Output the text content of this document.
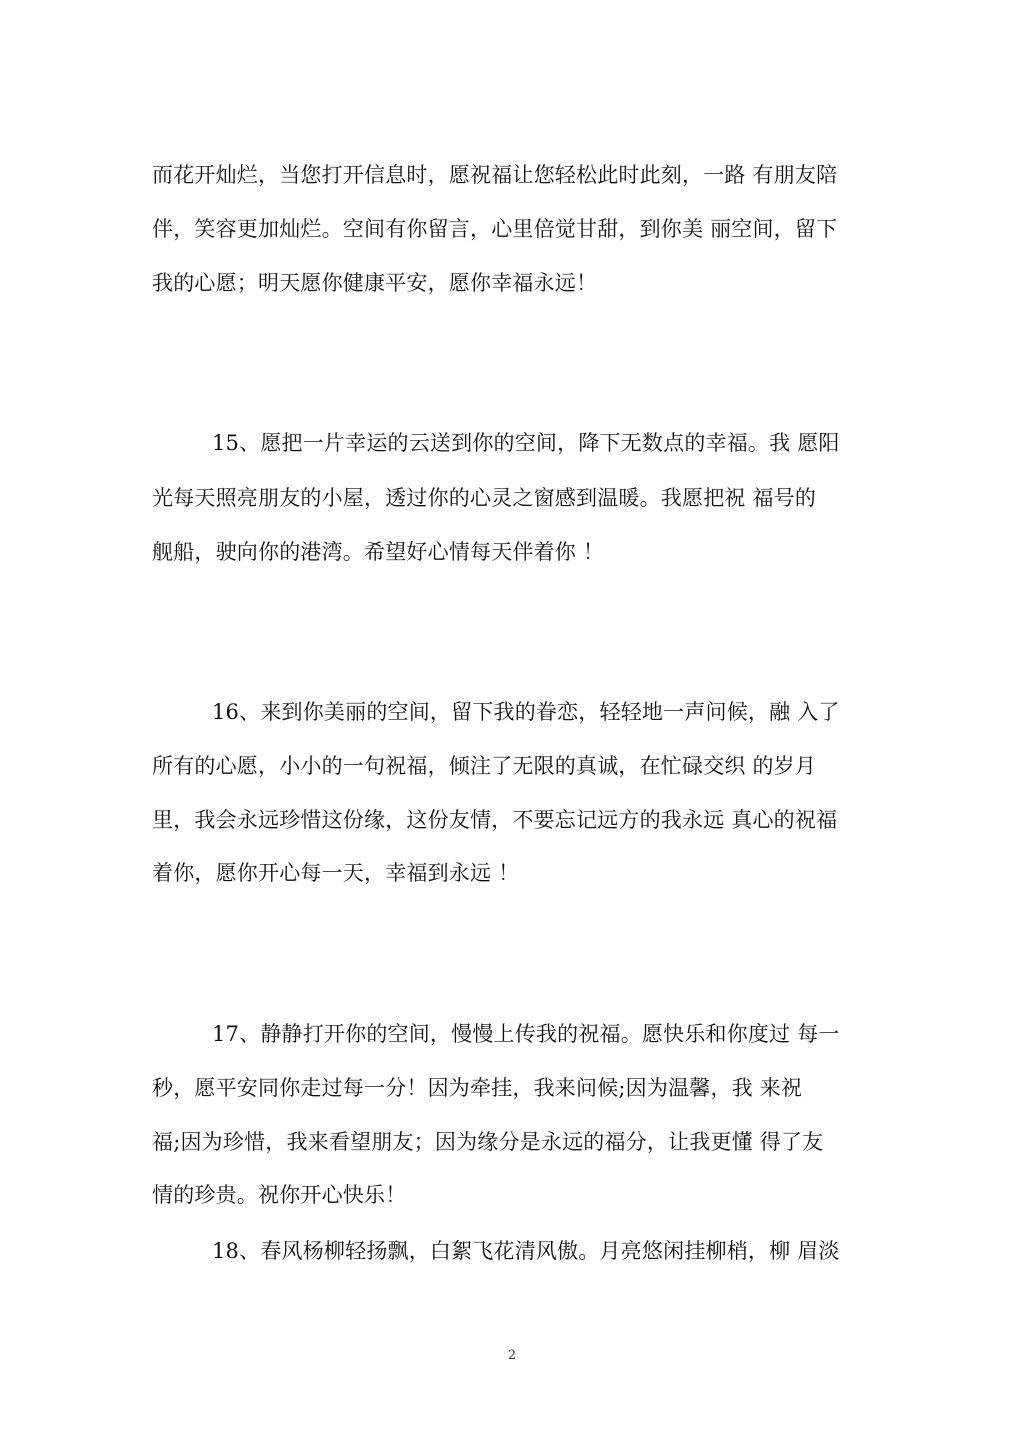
而花开灿烂，当您打开信息时，愿祝福让您轻松此时此刻，一路 有朋友陪
伴，笑容更加灿烂。空间有你留言，心里倍觉甘甜，到你美 丽空间，留下
我的心愿；明天愿你健康平安，愿你幸福永远！
15、愿把一片幸运的云送到你的空间，降下无数点的幸福。我 愿阳
光每天照亮朋友的小屋，透过你的心灵之窗感到温暖。我愿把祝 福号的
舰船，驶向你的港湾。希望好心情每天伴着你 ！
16、来到你美丽的空间，留下我的眷恋，轻轻地一声问候，融 入了
所有的心愿，小小的一句祝福，倾注了无限的真诚，在忙碌交织 的岁月
里，我会永远珍惜这份缘，这份友情，不要忘记远方的我永远 真心的祝福
着你，愿你开心每一天，幸福到永远 ！
17、静静打开你的空间，慢慢上传我的祝福。愿快乐和你度过 每一
秒，愿平安同你走过每一分！因为牵挂，我来问候;因为温馨，我 来祝
福;因为珍惜，我来看望朋友；因为缘分是永远的福分，让我更懂 得了友
情的珍贵。祝你开心快乐！
18、春风杨柳轻扬飘，白絮飞花清风傲。月亮悠闲挂柳梢，柳 眉淡
2
